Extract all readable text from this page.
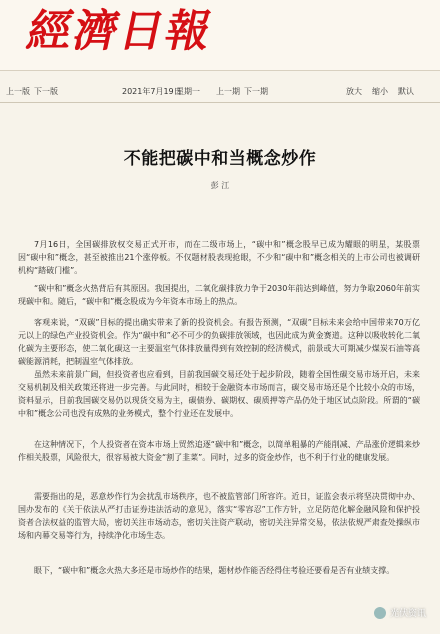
經濟日報
上一版 下一版	2021年7月19日
星期一 上一期 下一期	放大 缩小 默认
不能把碳中和当概念炒作
彭 江
7月16日，全国碳排放权交易正式开市，而在二级市场上，“碳中和”概念股早已成为耀眼的明星，某股票因“碳中和”概念，甚至被推出21个涨停板。不仅题材股表现抢眼，不少和“碳中和”概念相关的上市公司也被调研机构“踏破门槛”。
“碳中和”概念火热背后有其原因。我国提出，二氧化碳排放力争于2030年前达到峰值，努力争取2060年前实现碳中和。随后，“碳中和”概念股成为今年资本市场上的热点。
客观来说，“双碳”目标的提出确实带来了新的投资机会。有报告预测，“双碳”目标未来会给中国带来70万亿元以上的绿色产业投资机会。作为“碳中和”必不可少的负碳排放领域，也因此成为黄金赛道。这种以吸收转化二氧化碳为主要形态，使二氧化碳这一主要温室气体排放量得到有效控制的经济模式，前景或大可期减少煤炭石油等高碳能源消耗，把制温室气体排放。
虽然未来前景广阔，但投资者也应看到，目前我国碳交易还处于起步阶段，随着全国性碳交易市场开启，未来交易机制及相关政策还将进一步完善。与此同时，相较于金融资本市场而言，碳交易市场还是个比较小众的市场，资料显示，目前我国碳交易仍以现货交易为主，碳债券、碳期权、碳质押等产品仍处于地区试点阶段。所谓的“碳中和”概念公司也没有成熟的业务模式，整个行业还在发展中。
在这种情况下，个人投资者在资本市场上贸然追逐“碳中和”概念，以简单粗暴的产能削减、产品涨价逻辑来炒作相关股票，风险很大，很容易被大资金“割了韭菜”。同时，过多的资金炒作，也不利于行业的健康发展。
需要指出的是，恶意炒作行为会扰乱市场秩序，也不被监管部门所容许。近日，证监会表示将坚决贯彻中办、国办发布的《关于依法从严打击证券违法活动的意见》，落实“零容忍”工作方针，立足防范化解金融风险和保护投资者合法权益的监管大局，密切关注市场动态，密切关注资产联动，密切关注异常交易，依法依规严肃查处操纵市场和内幕交易等行为，持续净化市场生态。
眼下，“碳中和”概念火热大多还是市场炒作的结果，题材炒作能否经得住考验还要看是否有业绩支撑。
光伏资讯
